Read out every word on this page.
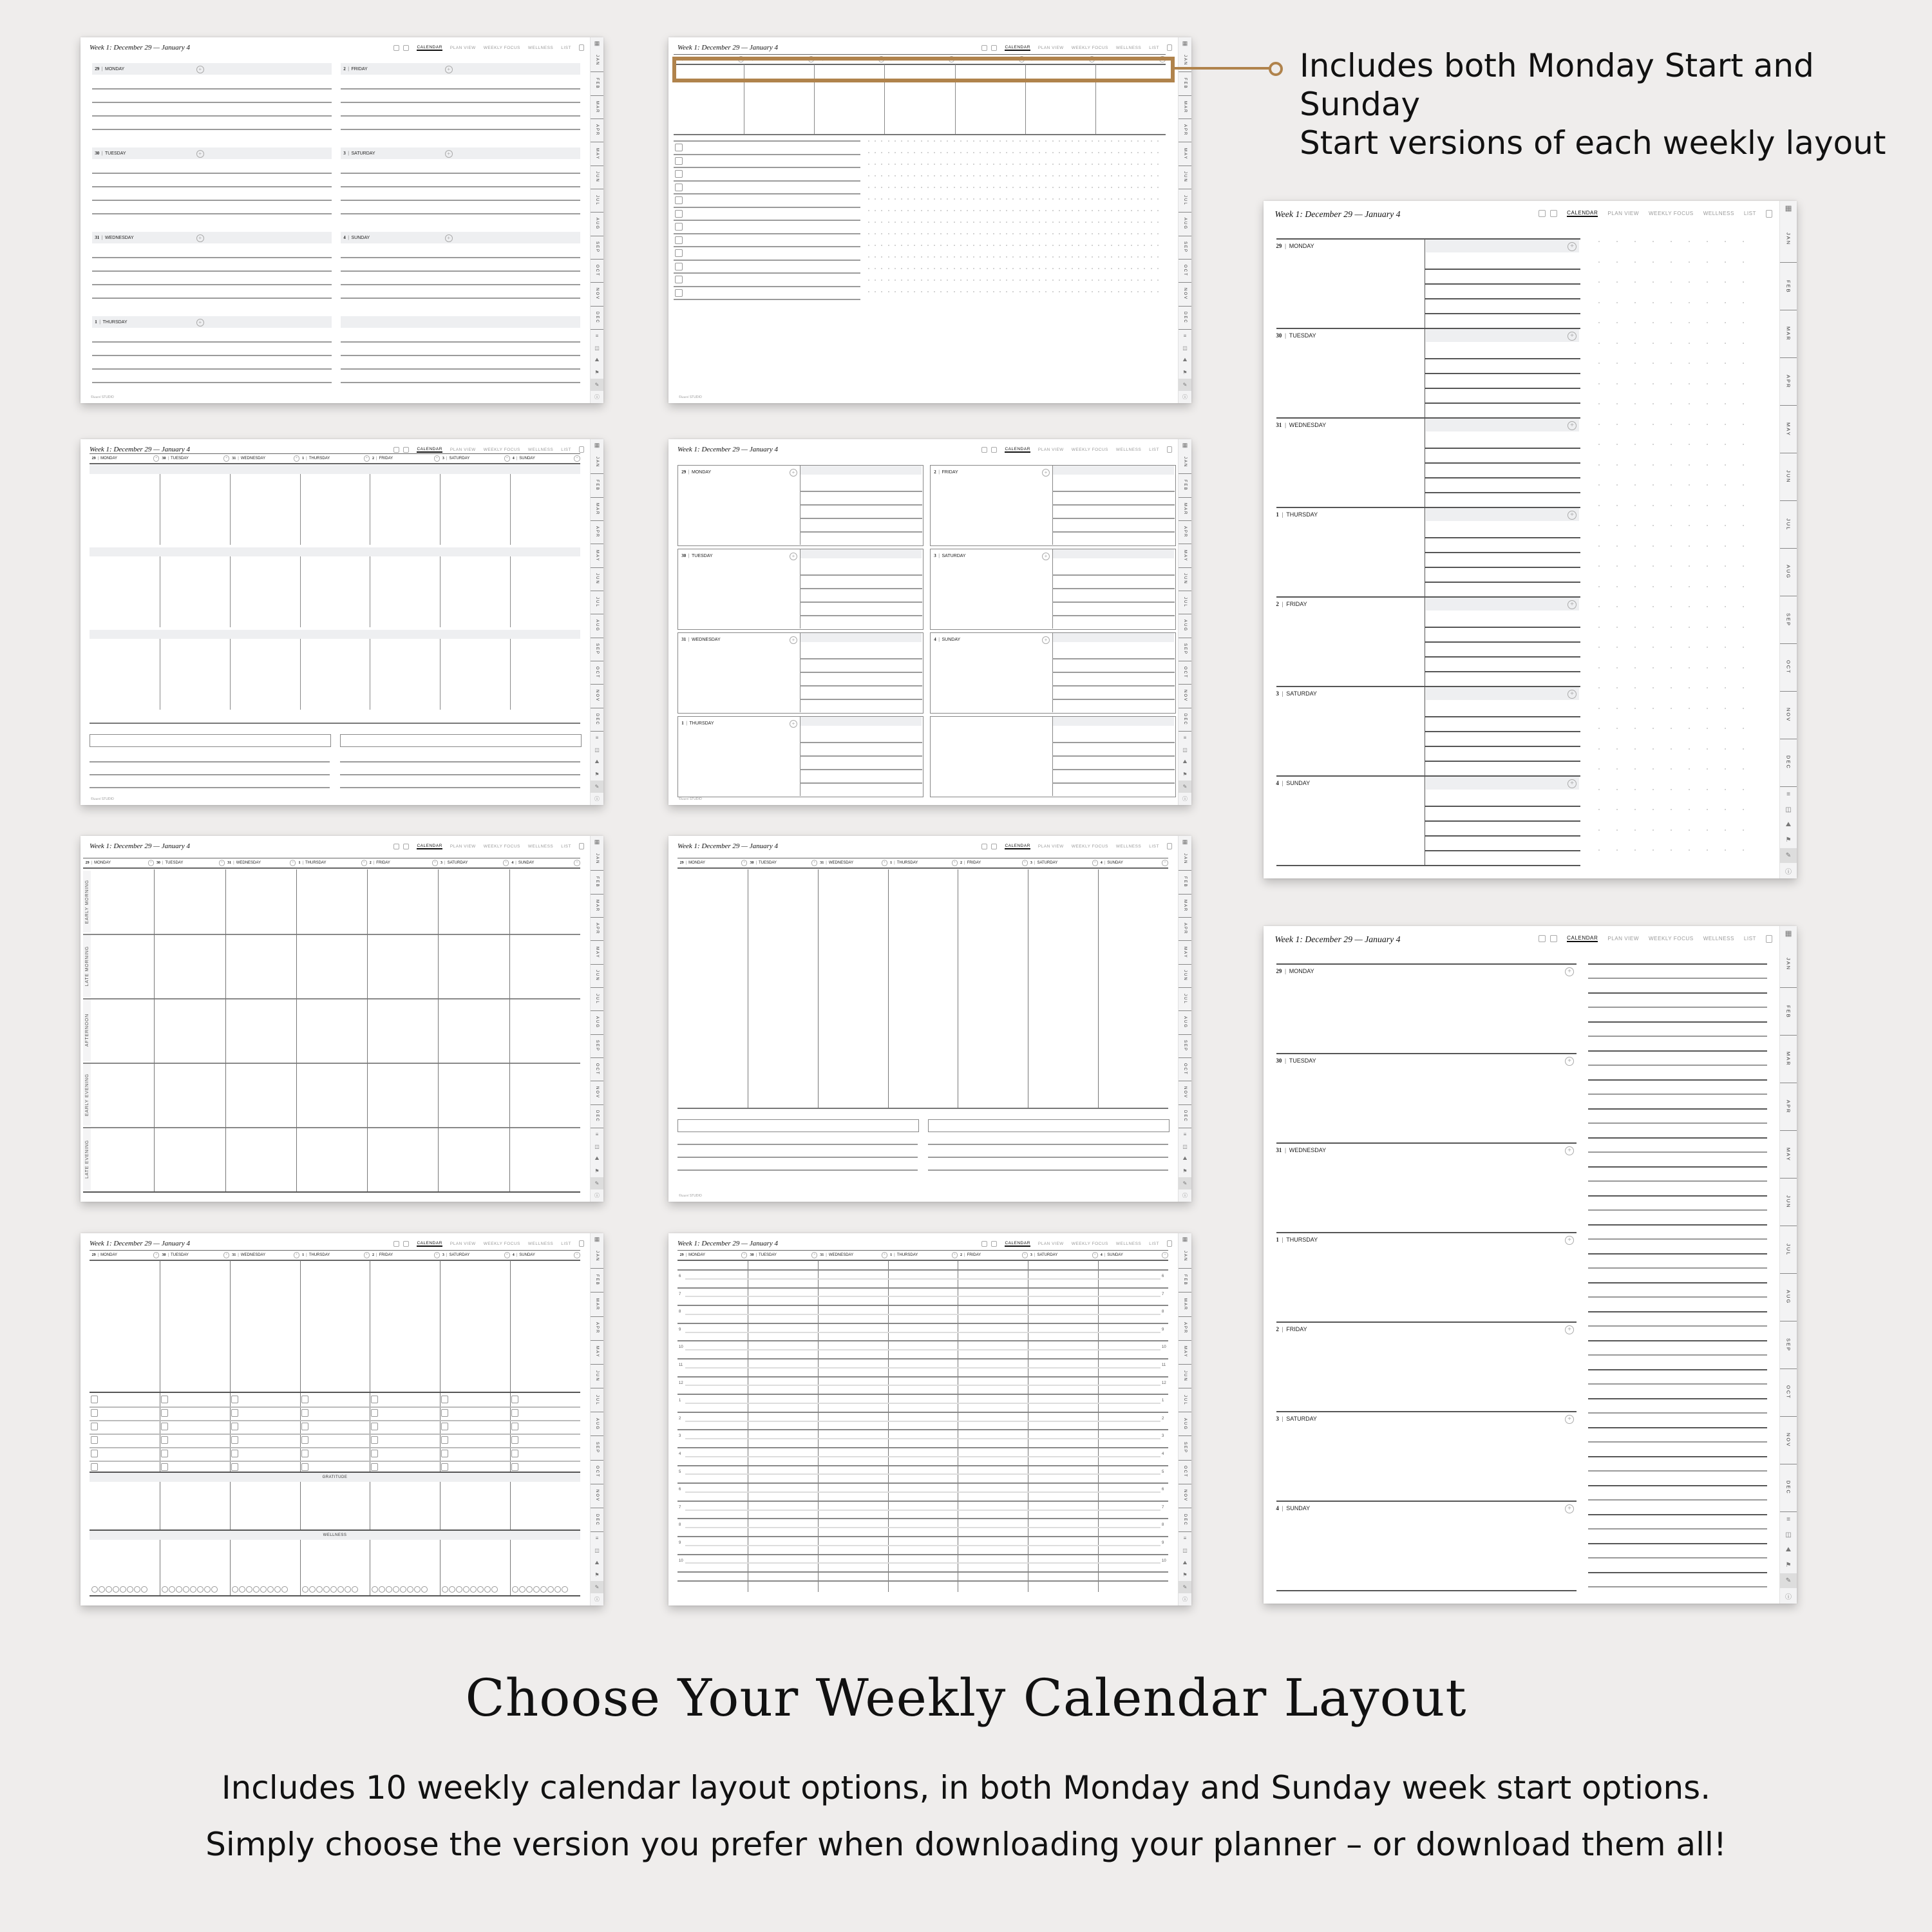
Week 1: December 29 — January 4	CALENDAR PLAN VIEW WEEKLY FOCUS WELLNESS LIST
▦
JAN
FEB
MAR
APR
MAY
JUN
JUL
AUG
SEP
OCT
NOV
DEC
≡
◫
⛰
⚑
✎
ⓘ
©laurel STUDIO
29 | MONDAY	+	2 | FRIDAY	+
30 | TUESDAY	+	3 | SATURDAY	+
31 | WEDNESDAY	+	4 | SUNDAY	+
1 | THURSDAY	+
Week 1: December 29 — January 4	CALENDAR PLAN VIEW WEEKLY FOCUS WELLNESS LIST
▦
JAN
FEB
MAR
APR
MAY
JUN
JUL
AUG
SEP
OCT
NOV
DEC
≡
◫
⛰
⚑
✎
ⓘ
©laurel STUDIO
29 | MONDAY	+	30 | TUESDAY	+	31 | WEDNESDAY	+	1 | THURSDAY	+	2 | FRIDAY	+	3 | SATURDAY	+	4 | SUNDAY	+
Week 1: December 29 — January 4	CALENDAR PLAN VIEW WEEKLY FOCUS WELLNESS LIST
▦
JAN
FEB
MAR
APR
MAY
JUN
JUL
AUG
SEP
OCT
NOV
DEC
≡
◫
⛰
⚑
✎
ⓘ
©laurel STUDIO
29 | MONDAY	+	30 | TUESDAY	+	31 | WEDNESDAY	+	1 | THURSDAY	+	2 | FRIDAY	+	3 | SATURDAY	+	4 | SUNDAY	+
Week 1: December 29 — January 4	CALENDAR PLAN VIEW WEEKLY FOCUS WELLNESS LIST
▦
JAN
FEB
MAR
APR
MAY
JUN
JUL
AUG
SEP
OCT
NOV
DEC
≡
◫
⛰
⚑
✎
ⓘ
©laurel STUDIO
29 | MONDAY	+	2 | FRIDAY	+
30 | TUESDAY	+	3 | SATURDAY	+
31 | WEDNESDAY	+	4 | SUNDAY	+
1 | THURSDAY	+
Week 1: December 29 — January 4	CALENDAR PLAN VIEW WEEKLY FOCUS WELLNESS LIST
▦
JAN
FEB
MAR
APR
MAY
JUN
JUL
AUG
SEP
OCT
NOV
DEC
≡
◫
⛰
⚑
✎
ⓘ
29 | MONDAY	+	30 | TUESDAY	+	31 | WEDNESDAY	+	1 | THURSDAY	+	2 | FRIDAY	+	3 | SATURDAY	+	4 | SUNDAY	+
EARLY MORNING
LATE MORNING
AFTERNOON
EARLY EVENING
LATE EVENING
Week 1: December 29 — January 4	CALENDAR PLAN VIEW WEEKLY FOCUS WELLNESS LIST
▦
JAN
FEB
MAR
APR
MAY
JUN
JUL
AUG
SEP
OCT
NOV
DEC
≡
◫
⛰
⚑
✎
ⓘ
©laurel STUDIO
29 | MONDAY	+	30 | TUESDAY	+	31 | WEDNESDAY	+	1 | THURSDAY	+	2 | FRIDAY	+	3 | SATURDAY	+	4 | SUNDAY	+
Week 1: December 29 — January 4	CALENDAR PLAN VIEW WEEKLY FOCUS WELLNESS LIST
▦
JAN
FEB
MAR
APR
MAY
JUN
JUL
AUG
SEP
OCT
NOV
DEC
≡
◫
⛰
⚑
✎
ⓘ
29 | MONDAY	+	30 | TUESDAY	+	31 | WEDNESDAY	+	1 | THURSDAY	+	2 | FRIDAY	+	3 | SATURDAY	+	4 | SUNDAY	+
GRATITUDE
WELLNESS
Week 1: December 29 — January 4	CALENDAR PLAN VIEW WEEKLY FOCUS WELLNESS LIST
▦
JAN
FEB
MAR
APR
MAY
JUN
JUL
AUG
SEP
OCT
NOV
DEC
≡
◫
⛰
⚑
✎
ⓘ
29 | MONDAY	+	30 | TUESDAY	+	31 | WEDNESDAY	+	1 | THURSDAY	+	2 | FRIDAY	+	3 | SATURDAY	+	4 | SUNDAY	+
6	6
7	7
8	8
9	9
10	10
11	11
12	12
1	1
2	2
3	3
4	4
5	5
6	6
7	7
8	8
9	9
10	10
Week 1: December 29 — January 4	CALENDAR PLAN VIEW WEEKLY FOCUS WELLNESS LIST
▦
JAN
FEB
MAR
APR
MAY
JUN
JUL
AUG
SEP
OCT
NOV
DEC
≡
◫
⛰
⚑
✎
ⓘ
29 | MONDAY	+
30 | TUESDAY	+
31 | WEDNESDAY	+
1 | THURSDAY	+
2 | FRIDAY	+
3 | SATURDAY	+
4 | SUNDAY	+
Week 1: December 29 — January 4	CALENDAR PLAN VIEW WEEKLY FOCUS WELLNESS LIST
▦
JAN
FEB
MAR
APR
MAY
JUN
JUL
AUG
SEP
OCT
NOV
DEC
≡
◫
⛰
⚑
✎
ⓘ
29 | MONDAY	+
30 | TUESDAY	+
31 | WEDNESDAY	+
1 | THURSDAY	+
2 | FRIDAY	+
3 | SATURDAY	+
4 | SUNDAY	+
Includes both Monday Start and Sunday
Start versions of each weekly layout
Choose Your Weekly Calendar Layout
Includes 10 weekly calendar layout options, in both Monday and Sunday week start options.
Simply choose the version you prefer when downloading your planner – or download them all!
